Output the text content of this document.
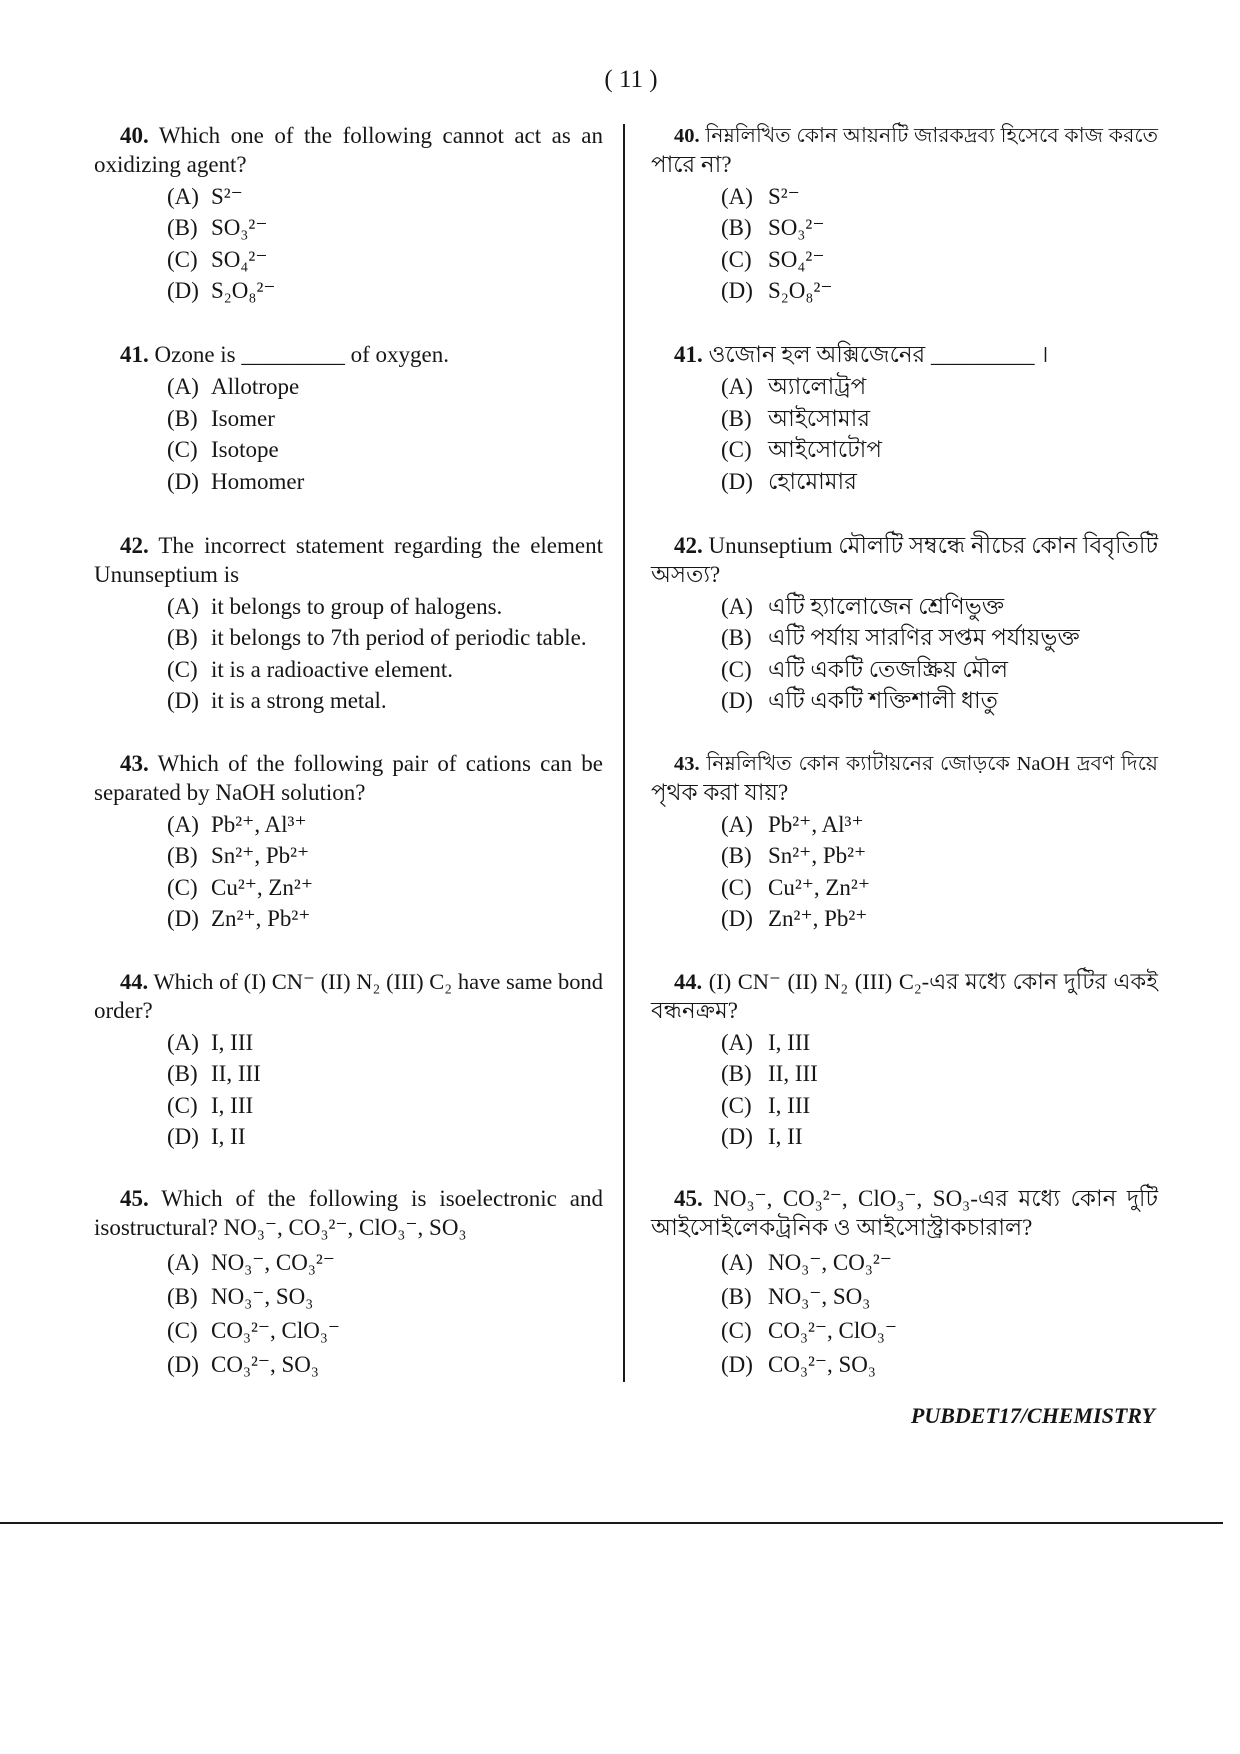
( 11 )
40. Which one of the following cannot act as an
oxidizing agent?
(A) S²⁻
(B) SO₃²⁻
(C) SO₄²⁻
(D) S₂O₈²⁻
41. Ozone is _________ of oxygen.
(A) Allotrope
(B) Isomer
(C) Isotope
(D) Homomer
42. The incorrect statement regarding the element
Ununseptium is
(A) it belongs to group of halogens.
(B) it belongs to 7th period of periodic table.
(C) it is a radioactive element.
(D) it is a strong metal.
43. Which of the following pair of cations can be
separated by NaOH solution?
(A) Pb²⁺, Al³⁺
(B) Sn²⁺, Pb²⁺
(C) Cu²⁺, Zn²⁺
(D) Zn²⁺, Pb²⁺
44. Which of (I) CN⁻ (II) N₂ (III) C₂ have same bond
order?
(A) I, III
(B) II, III
(C) I, III
(D) I, II
45. Which of the following is isoelectronic and
isostructural? NO₃⁻, CO₃²⁻, ClO₃⁻, SO₃
(A) NO₃⁻, CO₃²⁻
(B) NO₃⁻, SO₃
(C) CO₃²⁻, ClO₃⁻
(D) CO₃²⁻, SO₃
40. নিম্নলিখিত কোন আয়নটি জারকদ্রব্য হিসেবে কাজ করতে
পারে না?
(A) S²⁻
(B) SO₃²⁻
(C) SO₄²⁻
(D) S₂O₈²⁻
41. ওজোন হল অক্সিজেনের _________ ।
(A) অ্যালোট্রপ
(B) আইসোমার
(C) আইসোটোপ
(D) হোমোমার
42. Ununseptium মৌলটি সম্বন্ধে নীচের কোন বিবৃতিটি
অসত্য?
(A) এটি হ্যালোজেন শ্রেণিভুক্ত
(B) এটি পর্যায় সারণির সপ্তম পর্যায়ভুক্ত
(C) এটি একটি তেজস্ক্রিয় মৌল
(D) এটি একটি শক্তিশালী ধাতু
43. নিম্নলিখিত কোন ক্যাটায়নের জোড়কে NaOH দ্রবণ দিয়ে
পৃথক করা যায়?
(A) Pb²⁺, Al³⁺
(B) Sn²⁺, Pb²⁺
(C) Cu²⁺, Zn²⁺
(D) Zn²⁺, Pb²⁺
44. (I) CN⁻ (II) N₂ (III) C₂-এর মধ্যে কোন দুটির একই
বন্ধনক্রম?
(A) I, III
(B) II, III
(C) I, III
(D) I, II
45. NO₃⁻, CO₃²⁻, ClO₃⁻, SO₃-এর মধ্যে কোন দুটি
আইসোইলেকট্রনিক ও আইসোস্ট্রাকচারাল?
(A) NO₃⁻, CO₃²⁻
(B) NO₃⁻, SO₃
(C) CO₃²⁻, ClO₃⁻
(D) CO₃²⁻, SO₃
PUBDET17/CHEMISTRY
